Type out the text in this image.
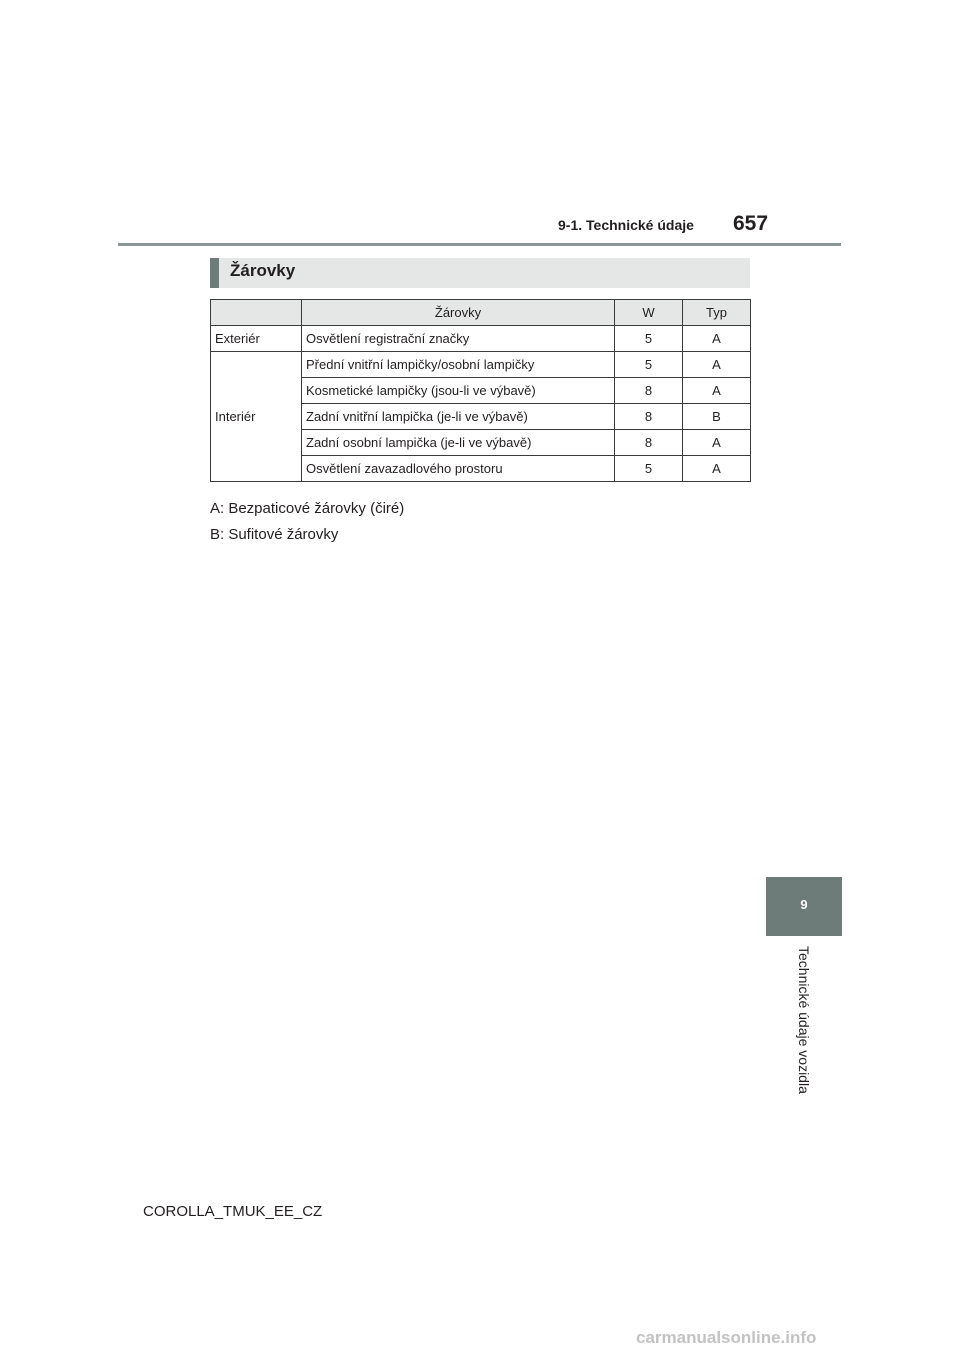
9-1. Technické údaje 657
Žárovky
	Žárovky	W	Typ
Exteriér	Osvětlení registrační značky	5	A
Interiér	Přední vnitřní lampičky/osobní lampičky	5	A
	Kosmetické lampičky (jsou-li ve výbavě)	8	A
	Zadní vnitřní lampička (je-li ve výbavě)	8	B
	Zadní osobní lampička (je-li ve výbavě)	8	A
	Osvětlení zavazadlového prostoru	5	A
A: Bezpaticové žárovky (čiré)
B: Sufitové žárovky
9
Technické údaje vozidla
COROLLA_TMUK_EE_CZ
carmanualsonline.info
